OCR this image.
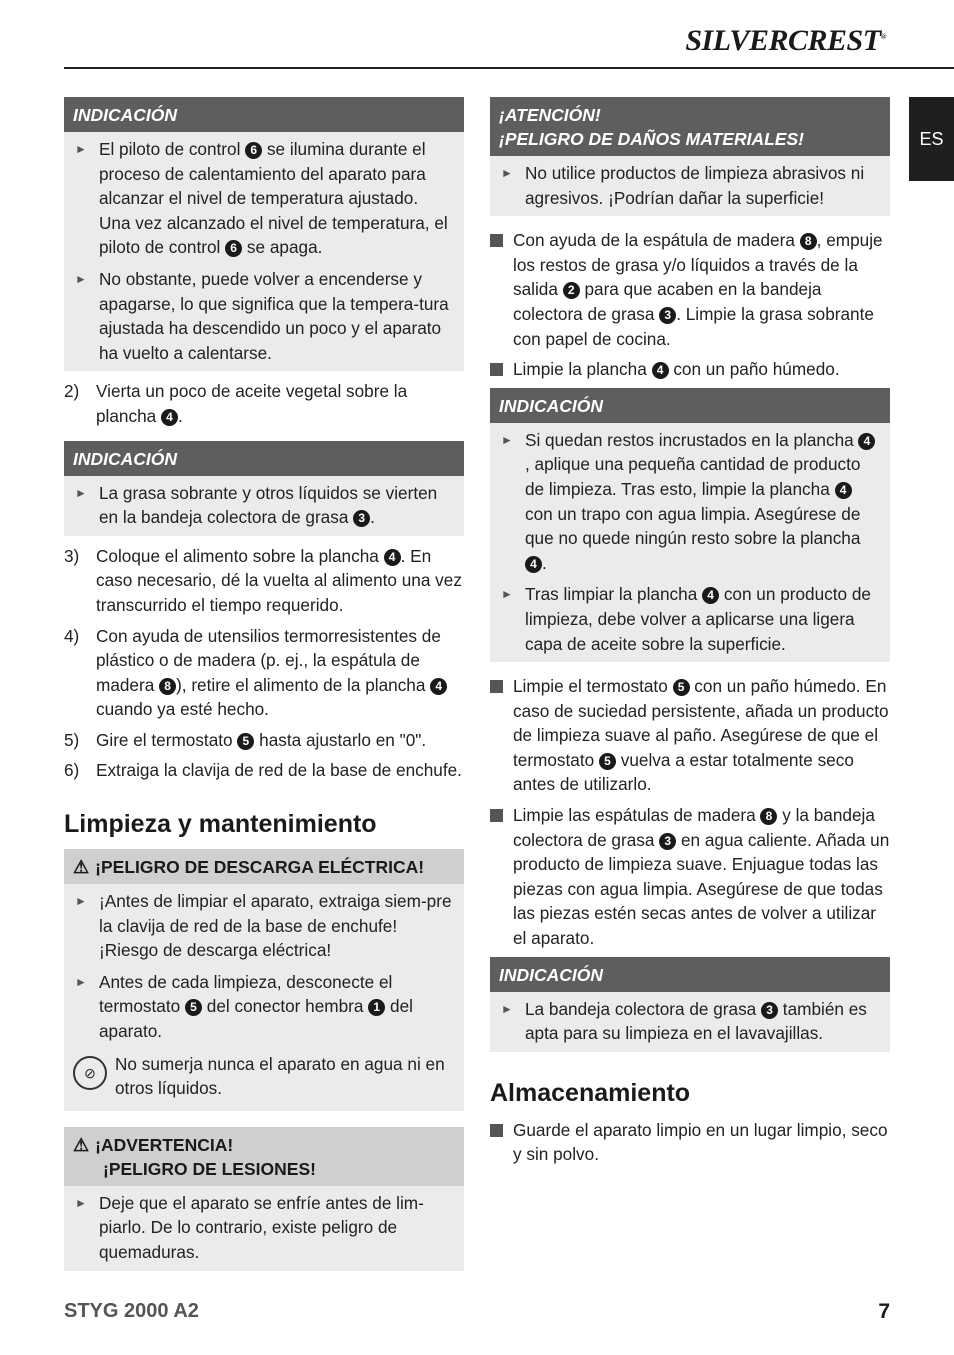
SILVERCREST®
ES
INDICACIÓN
► El piloto de control 6 se ilumina durante el proceso de calentamiento del aparato para alcanzar el nivel de temperatura ajustado. Una vez alcanzado el nivel de temperatura, el piloto de control 6 se apaga.
► No obstante, puede volver a encenderse y apagarse, lo que significa que la tempera-tura ajustada ha descendido un poco y el aparato ha vuelto a calentarse.
2) Vierta un poco de aceite vegetal sobre la plancha 4 .
INDICACIÓN
► La grasa sobrante y otros líquidos se vierten en la bandeja colectora de grasa 3 .
3) Coloque el alimento sobre la plancha 4 . En caso necesario, dé la vuelta al alimento una vez transcurrido el tiempo requerido.
4) Con ayuda de utensilios termorresistentes de plástico o de madera (p. ej., la espátula de madera 8 ), retire el alimento de la plancha 4 cuando ya esté hecho.
5) Gire el termostato 5 hasta ajustarlo en "0".
6) Extraiga la clavija de red de la base de enchufe.
Limpieza y mantenimiento
⚠ ¡PELIGRO DE DESCARGA ELÉCTRICA!
► ¡Antes de limpiar el aparato, extraiga siem-pre la clavija de red de la base de enchufe! ¡Riesgo de descarga eléctrica!
► Antes de cada limpieza, desconecte el termostato 5 del conector hembra 1 del aparato.
⊘	No sumerja nunca el aparato en agua ni en otros líquidos.
⚠ ¡ADVERTENCIA!
¡PELIGRO DE LESIONES!
► Deje que el aparato se enfríe antes de lim-piarlo. De lo contrario, existe peligro de quemaduras.
¡ATENCIÓN!
¡PELIGRO DE DAÑOS MATERIALES!
► No utilice productos de limpieza abrasivos ni agresivos. ¡Podrían dañar la superficie!
Con ayuda de la espátula de madera 8 , empuje los restos de grasa y/o líquidos a través de la salida 2 para que acaben en la bandeja colectora de grasa 3 . Limpie la grasa sobrante con papel de cocina.
Limpie la plancha 4 con un paño húmedo.
INDICACIÓN
► Si quedan restos incrustados en la plancha 4, aplique una pequeña cantidad de producto de limpieza. Tras esto, limpie la plancha 4 con un trapo con agua limpia. Asegúrese de que no quede ningún resto sobre la plancha 4 .
► Tras limpiar la plancha 4 con un producto de limpieza, debe volver a aplicarse una ligera capa de aceite sobre la superficie.
Limpie el termostato 5 con un paño húmedo. En caso de suciedad persistente, añada un producto de limpieza suave al paño. Asegúrese de que el termostato 5 vuelva a estar totalmente seco antes de utilizarlo.
Limpie las espátulas de madera 8 y la bandeja colectora de grasa 3 en agua caliente. Añada un producto de limpieza suave. Enjuague todas las piezas con agua limpia. Asegúrese de que todas las piezas estén secas antes de volver a utilizar el aparato.
INDICACIÓN
► La bandeja colectora de grasa 3 también es apta para su limpieza en el lavavajillas.
Almacenamiento
Guarde el aparato limpio en un lugar limpio, seco y sin polvo.
STYG 2000 A2	7
